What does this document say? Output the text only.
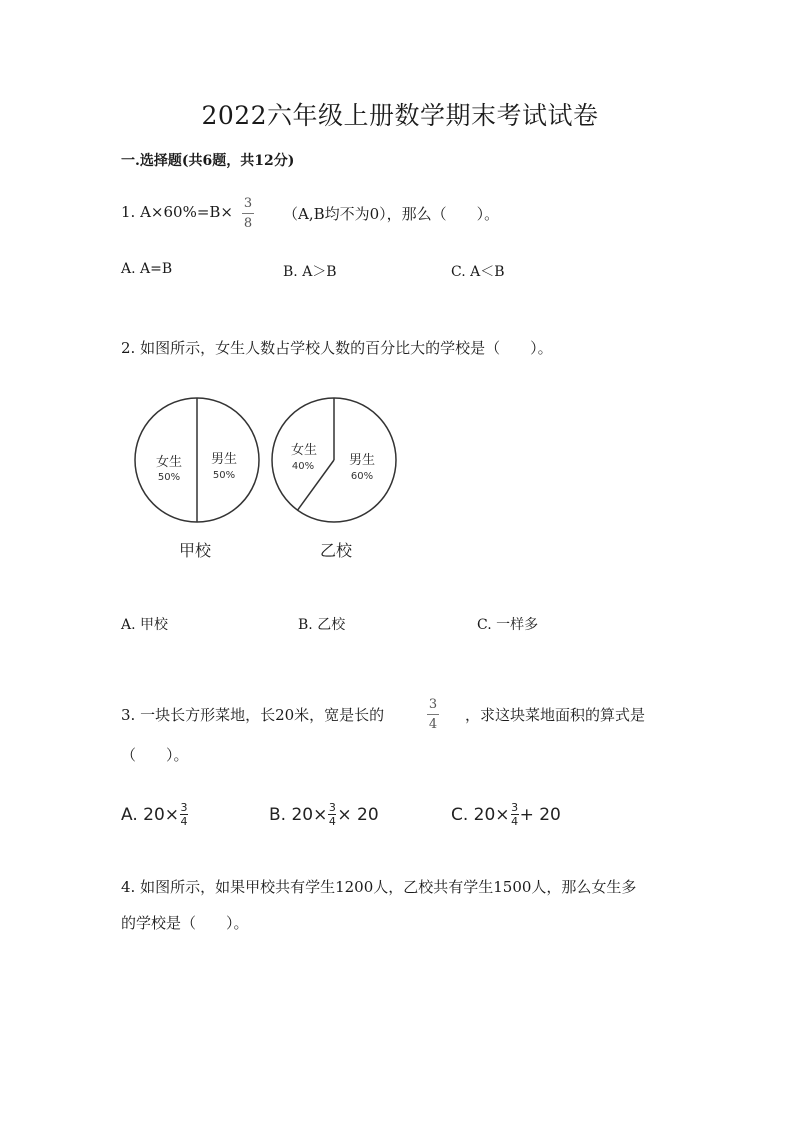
2022六年级上册数学期末考试试卷
一.选择题(共6题，共12分)
1. A×60%=B× 3
8
（A,B均不为0），那么（　　）。
A. A=B	B. A＞B	C. A＜B
2. 如图所示，女生人数占学校人数的百分比大的学校是（　　）。
女生
50%
男生
50%
甲校
女生
40%	男生
60%
乙校
A. 甲校	B. 乙校	C. 一样多
3. 一块长方形菜地，长20米，宽是长的
3
4
，求这块菜地面积的算式是
（　　）。
A. 20× 3
4	B. 20× 3
4 × 20	C. 20× 3
4 + 20
4. 如图所示，如果甲校共有学生1200人，乙校共有学生1500人，那么女生多
的学校是（　　）。
